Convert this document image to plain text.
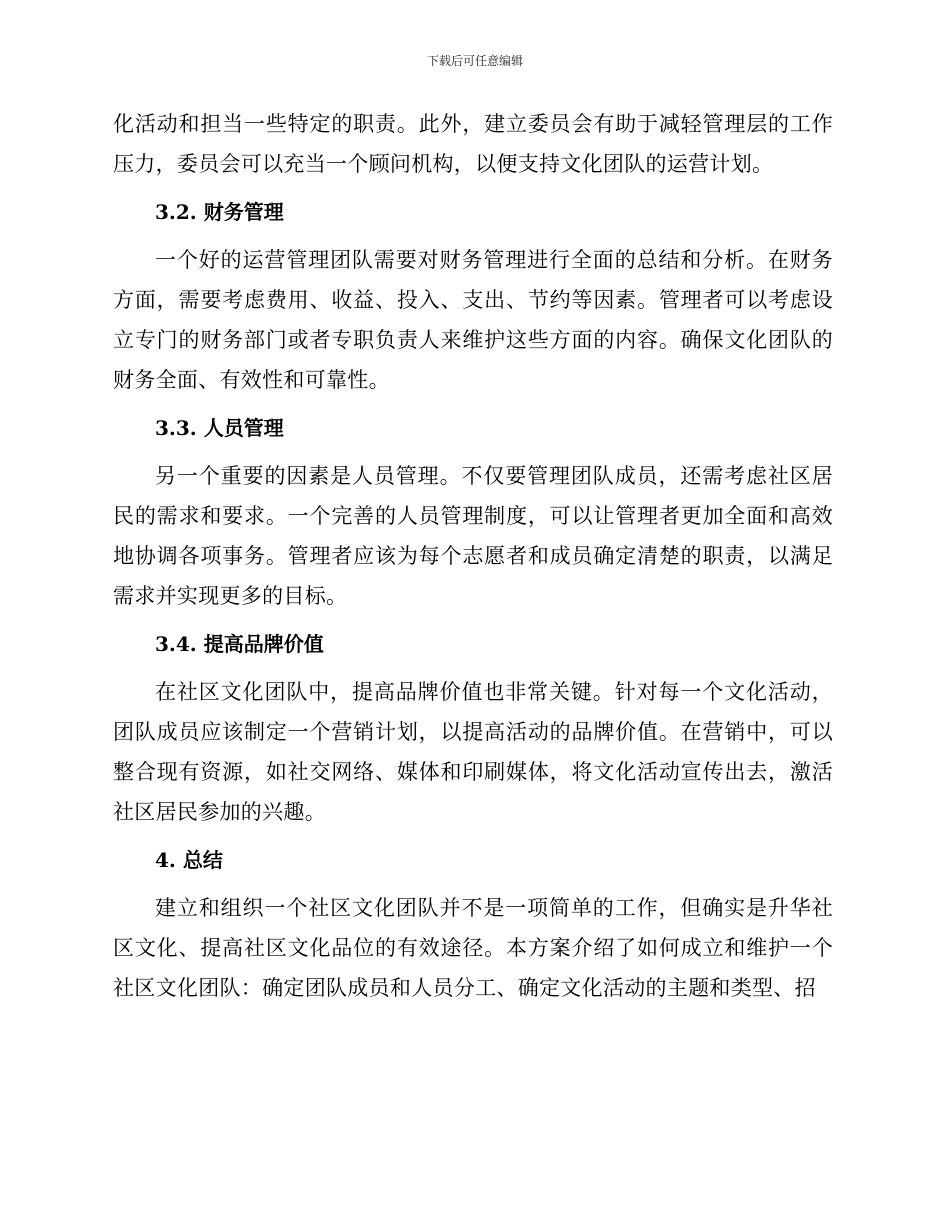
下载后可任意编辑

化活动和担当一些特定的职责。此外，建立委员会有助于减轻管理层的工作压力，委员会可以充当一个顾问机构，以便支持文化团队的运营计划。

3.2. 财务管理

一个好的运营管理团队需要对财务管理进行全面的总结和分析。在财务方面，需要考虑费用、收益、投入、支出、节约等因素。管理者可以考虑设立专门的财务部门或者专职负责人来维护这些方面的内容。确保文化团队的财务全面、有效性和可靠性。

3.3. 人员管理

另一个重要的因素是人员管理。不仅要管理团队成员，还需考虑社区居民的需求和要求。一个完善的人员管理制度，可以让管理者更加全面和高效地协调各项事务。管理者应该为每个志愿者和成员确定清楚的职责，以满足需求并实现更多的目标。

3.4. 提高品牌价值

在社区文化团队中，提高品牌价值也非常关键。针对每一个文化活动，团队成员应该制定一个营销计划，以提高活动的品牌价值。在营销中，可以整合现有资源，如社交网络、媒体和印刷媒体，将文化活动宣传出去，激活社区居民参加的兴趣。

4. 总结

建立和组织一个社区文化团队并不是一项简单的工作，但确实是升华社区文化、提高社区文化品位的有效途径。本方案介绍了如何成立和维护一个社区文化团队：确定团队成员和人员分工、确定文化活动的主题和类型、招
